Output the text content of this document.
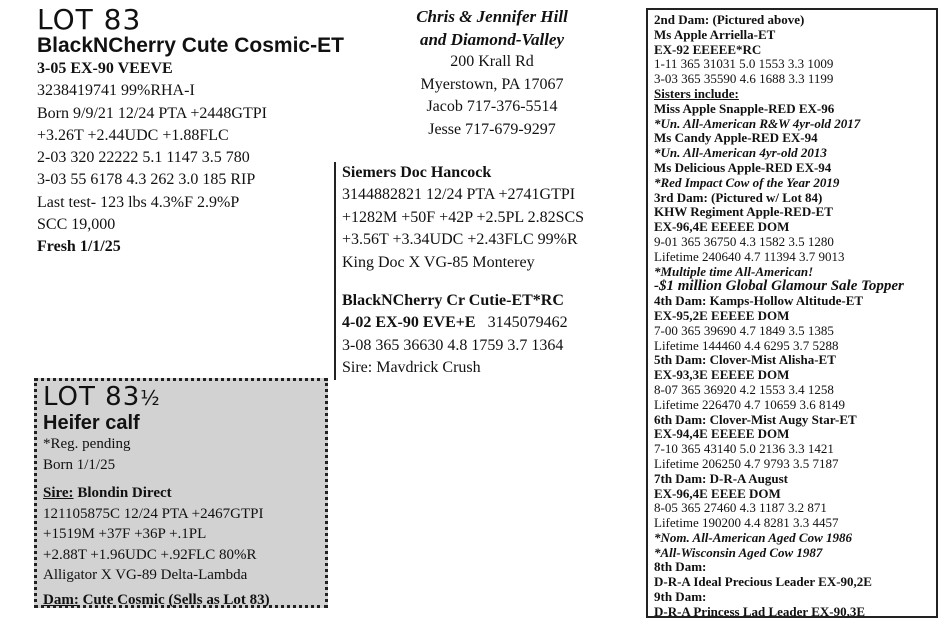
LOT 83
BlackNCherry Cute Cosmic-ET
3-05 EX-90 VEEVE
3238419741 99%RHA-I
Born 9/9/21 12/24 PTA +2448GTPI
+3.26T +2.44UDC +1.88FLC
2-03 320 22222 5.1 1147 3.5 780
3-03 55 6178 4.3 262 3.0 185 RIP
Last test- 123 lbs 4.3%F 2.9%P
SCC 19,000
Fresh 1/1/25
Chris & Jennifer Hill
and Diamond-Valley
200 Krall Rd
Myerstown, PA 17067
Jacob 717-376-5514
Jesse 717-679-9297
Siemers Doc Hancock
3144882821 12/24 PTA +2741GTPI
+1282M +50F +42P +2.5PL 2.82SCS
+3.56T +3.34UDC +2.43FLC 99%R
King Doc X VG-85 Monterey
BlackNCherry Cr Cutie-ET*RC
4-02 EX-90 EVE+E   3145079462
3-08 365 36630 4.8 1759 3.7 1364
Sire: Mavdrick Crush
LOT 83½
Heifer calf
*Reg. pending
Born 1/1/25
Sire: Blondin Direct
121105875C 12/24 PTA +2467GTPI
+1519M +37F +36P +.1PL
+2.88T +1.96UDC +.92FLC 80%R
Alligator X VG-89 Delta-Lambda
Dam: Cute Cosmic (Sells as Lot 83)
2nd Dam: (Pictured above)
Ms Apple Arriella-ET
EX-92 EEEEE*RC
1-11 365 31031 5.0 1553 3.3 1009
3-03 365 35590 4.6 1688 3.3 1199
Sisters include:
Miss Apple Snapple-RED EX-96
*Un. All-American R&W 4yr-old 2017
Ms Candy Apple-RED EX-94
*Un. All-American 4yr-old 2013
Ms Delicious Apple-RED EX-94
*Red Impact Cow of the Year 2019
3rd Dam: (Pictured w/ Lot 84)
KHW Regiment Apple-RED-ET
EX-96,4E EEEEE DOM
9-01 365 36750 4.3 1582 3.5 1280
Lifetime 240640 4.7 11394 3.7 9013
*Multiple time All-American!
-$1 million Global Glamour Sale Topper
4th Dam: Kamps-Hollow Altitude-ET
EX-95,2E EEEEE DOM
7-00 365 39690 4.7 1849 3.5 1385
Lifetime 144460 4.4 6295 3.7 5288
5th Dam: Clover-Mist Alisha-ET
EX-93,3E EEEEE DOM
8-07 365 36920 4.2 1553 3.4 1258
Lifetime 226470 4.7 10659 3.6 8149
6th Dam: Clover-Mist Augy Star-ET
EX-94,4E EEEEE DOM
7-10 365 43140 5.0 2136 3.3 1421
Lifetime 206250 4.7 9793 3.5 7187
7th Dam: D-R-A August
EX-96,4E EEEE DOM
8-05 365 27460 4.3 1187 3.2 871
Lifetime 190200 4.4 8281 3.3 4457
*Nom. All-American Aged Cow 1986
*All-Wisconsin Aged Cow 1987
8th Dam:
D-R-A Ideal Precious Leader EX-90,2E
9th Dam:
D-R-A Princess Lad Leader EX-90,3E
